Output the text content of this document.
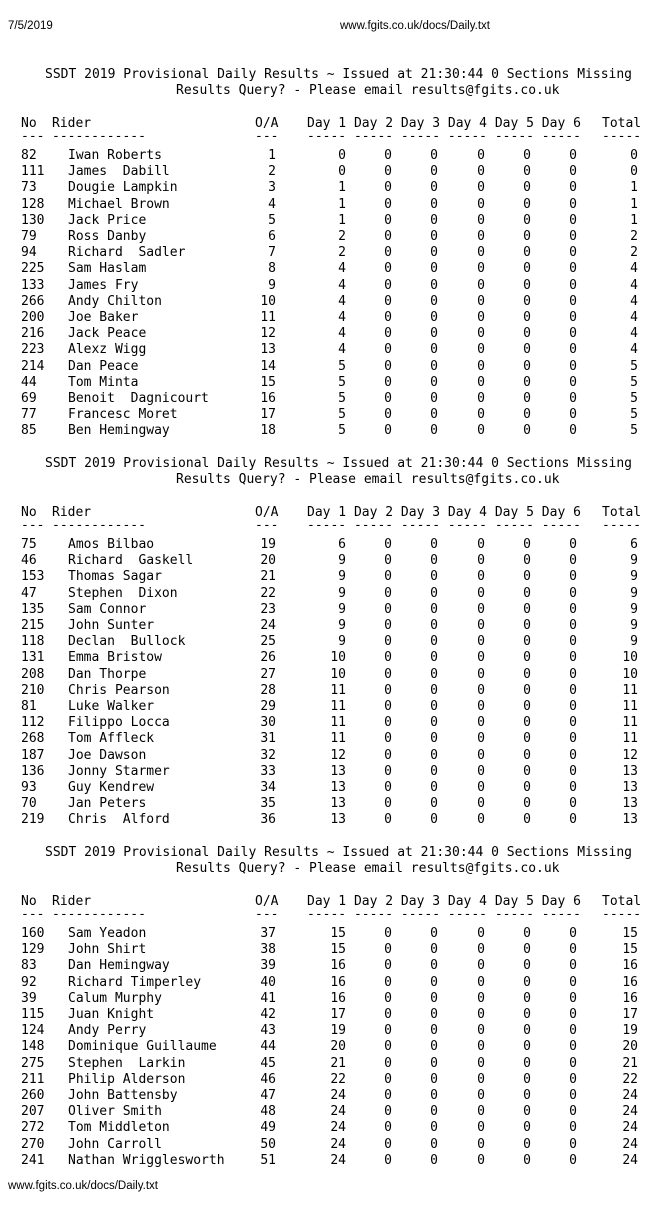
7/5/2019	www.fgits.co.uk/docs/Daily.txt
SSDT 2019 Provisional Daily Results ~ Issued at 21:30:44 0 Sections Missing
Results Query? - Please email results@fgits.co.uk
No Rider	O/A Day 1 Day 2 Day 3 Day 4 Day 5 Day 6 Total
--- ------------	--- ----- ----- ----- ----- ----- ----- -----
82 Iwan Roberts	1	0	0	0	0	0	0	0
111 James  Dabill	2	0	0	0	0	0	0	0
73 Dougie Lampkin	3	1	0	0	0	0	0	1
128 Michael Brown	4	1	0	0	0	0	0	1
130 Jack Price	5	1	0	0	0	0	0	1
79 Ross Danby	6	2	0	0	0	0	0	2
94 Richard  Sadler	7	2	0	0	0	0	0	2
225 Sam Haslam	8	4	0	0	0	0	0	4
133 James Fry	9	4	0	0	0	0	0	4
266 Andy Chilton	10	4	0	0	0	0	0	4
200 Joe Baker	11	4	0	0	0	0	0	4
216 Jack Peace	12	4	0	0	0	0	0	4
223 Alexz Wigg	13	4	0	0	0	0	0	4
214 Dan Peace	14	5	0	0	0	0	0	5
44 Tom Minta	15	5	0	0	0	0	0	5
69 Benoit  Dagnicourt	16	5	0	0	0	0	0	5
77 Francesc Moret	17	5	0	0	0	0	0	5
85 Ben Hemingway	18	5	0	0	0	0	0	5
SSDT 2019 Provisional Daily Results ~ Issued at 21:30:44 0 Sections Missing
Results Query? - Please email results@fgits.co.uk
No Rider	O/A Day 1 Day 2 Day 3 Day 4 Day 5 Day 6 Total
--- ------------	--- ----- ----- ----- ----- ----- ----- -----
75 Amos Bilbao	19	6	0	0	0	0	0	6
46 Richard  Gaskell	20	9	0	0	0	0	0	9
153 Thomas Sagar	21	9	0	0	0	0	0	9
47 Stephen  Dixon	22	9	0	0	0	0	0	9
135 Sam Connor	23	9	0	0	0	0	0	9
215 John Sunter	24	9	0	0	0	0	0	9
118 Declan  Bullock	25	9	0	0	0	0	0	9
131 Emma Bristow	26	10	0	0	0	0	0	10
208 Dan Thorpe	27	10	0	0	0	0	0	10
210 Chris Pearson	28	11	0	0	0	0	0	11
81 Luke Walker	29	11	0	0	0	0	0	11
112 Filippo Locca	30	11	0	0	0	0	0	11
268 Tom Affleck	31	11	0	0	0	0	0	11
187 Joe Dawson	32	12	0	0	0	0	0	12
136 Jonny Starmer	33	13	0	0	0	0	0	13
93 Guy Kendrew	34	13	0	0	0	0	0	13
70 Jan Peters	35	13	0	0	0	0	0	13
219 Chris  Alford	36	13	0	0	0	0	0	13
SSDT 2019 Provisional Daily Results ~ Issued at 21:30:44 0 Sections Missing
Results Query? - Please email results@fgits.co.uk
No Rider	O/A Day 1 Day 2 Day 3 Day 4 Day 5 Day 6 Total
--- ------------	--- ----- ----- ----- ----- ----- ----- -----
160 Sam Yeadon	37	15	0	0	0	0	0	15
129 John Shirt	38	15	0	0	0	0	0	15
83 Dan Hemingway	39	16	0	0	0	0	0	16
92 Richard Timperley	40	16	0	0	0	0	0	16
39 Calum Murphy	41	16	0	0	0	0	0	16
115 Juan Knight	42	17	0	0	0	0	0	17
124 Andy Perry	43	19	0	0	0	0	0	19
148 Dominique Guillaume	44	20	0	0	0	0	0	20
275 Stephen  Larkin	45	21	0	0	0	0	0	21
211 Philip Alderson	46	22	0	0	0	0	0	22
260 John Battensby	47	24	0	0	0	0	0	24
207 Oliver Smith	48	24	0	0	0	0	0	24
272 Tom Middleton	49	24	0	0	0	0	0	24
270 John Carroll	50	24	0	0	0	0	0	24
241 Nathan Wrigglesworth	51	24	0	0	0	0	0	24
www.fgits.co.uk/docs/Daily.txt
